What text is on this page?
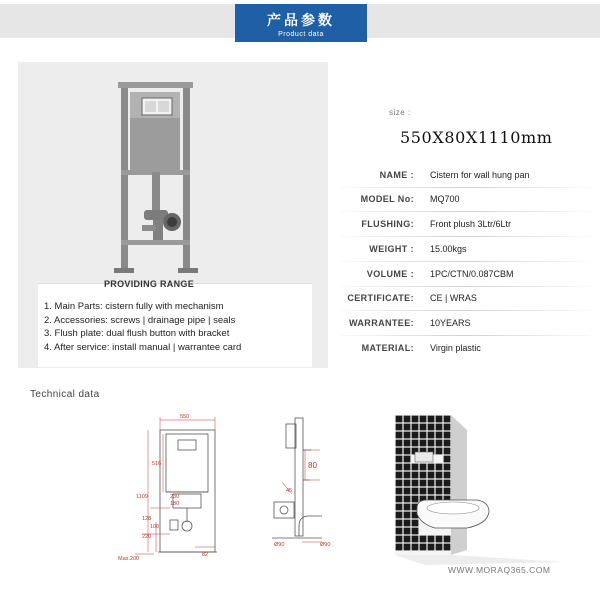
产品参数
Product data
PROVIDING RANGE
1. Main Parts: cistern fully with mechanism
2. Accessories: screws | drainage pipe | seals
3. Flush plate: dual flush button with bracket
4. After service: install manual | warrantee card
size :
550X80X1110mm
NAME : Cistern for wall hung pan
MODEL No: MQ700
FLUSHING: Front plush 3Ltr/6Ltr
WEIGHT : 15.00kgs
VOLUME : 1PC/CTN/0.087CBM
CERTIFICATE: CE | WRAS
WARRANTEE: 10YEARS
MATERIAL: Virgin plastic
Technical data
550
516
1109	230
180
128
100
220
Max.200
82
80
45
Ø90	Ø90
WWW.MORAQ365.COM
